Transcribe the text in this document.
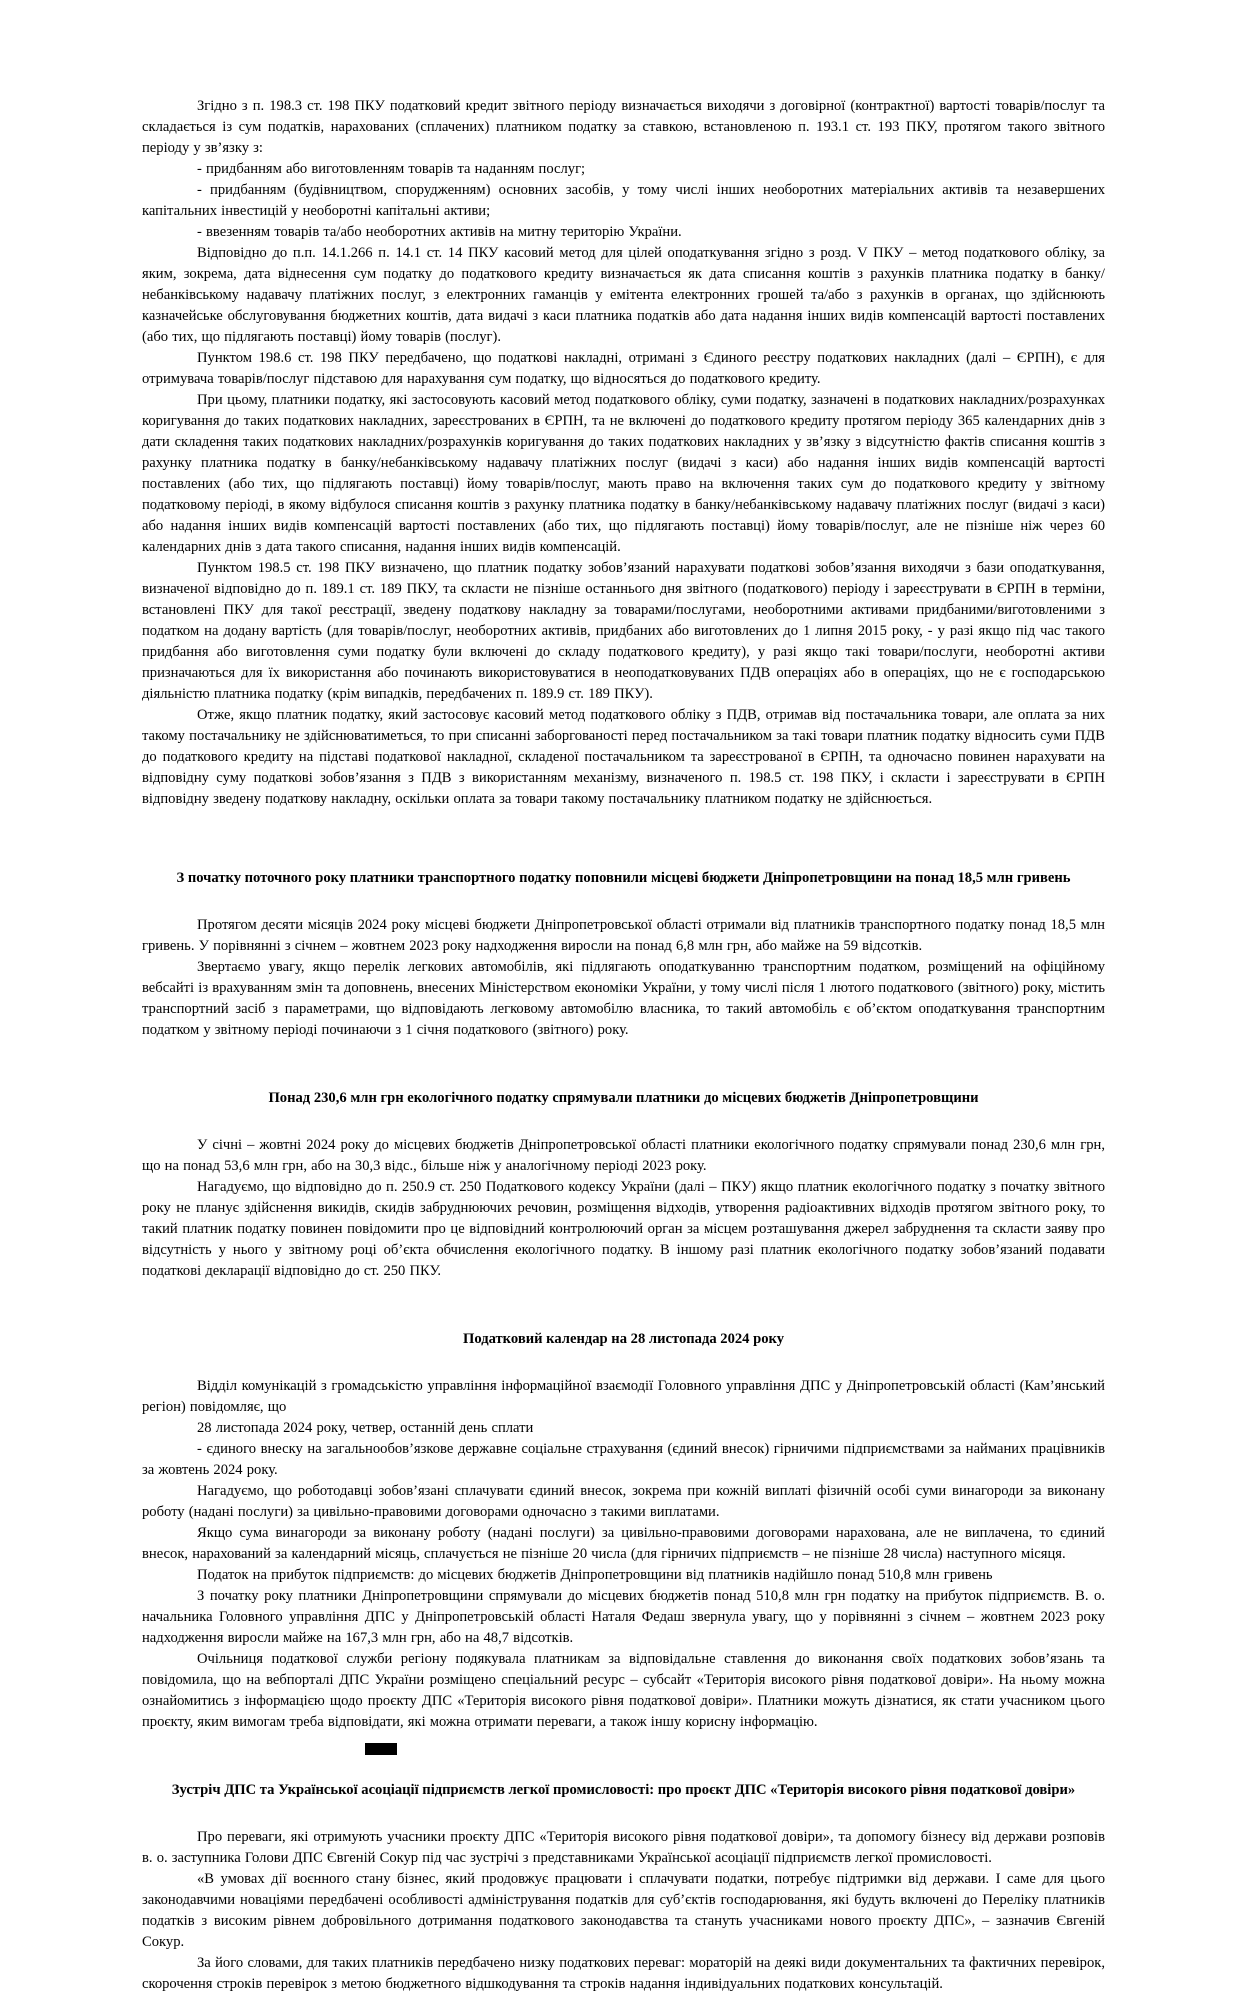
Згідно з п. 198.3 ст. 198 ПКУ податковий кредит звітного періоду визначається виходячи з договірної (контрактної) вартості товарів/послуг та складається із сум податків, нарахованих (сплачених) платником податку за ставкою, встановленою п. 193.1 ст. 193 ПКУ, протягом такого звітного періоду у зв’язку з:

- придбанням або виготовленням товарів та наданням послуг;

- придбанням (будівництвом, спорудженням) основних засобів, у тому числі інших необоротних матеріальних активів та незавершених капітальних інвестицій у необоротні капітальні активи;

- ввезенням товарів та/або необоротних активів на митну територію України.

Відповідно до п.п. 14.1.266 п. 14.1 ст. 14 ПКУ касовий метод для цілей оподаткування згідно з розд. V ПКУ – метод податкового обліку, за яким, зокрема, дата віднесення сум податку до податкового кредиту визначається як дата списання коштів з рахунків платника податку в банку/небанківському надавачу платіжних послуг, з електронних гаманців у емітента електронних грошей та/або з рахунків в органах, що здійснюють казначейське обслуговування бюджетних коштів, дата видачі з каси платника податків або дата надання інших видів компенсацій вартості поставлених (або тих, що підлягають поставці) йому товарів (послуг).

Пунктом 198.6 ст. 198 ПКУ передбачено, що податкові накладні, отримані з Єдиного реєстру податкових накладних (далі – ЄРПН), є для отримувача товарів/послуг підставою для нарахування сум податку, що відносяться до податкового кредиту.

При цьому, платники податку, які застосовують касовий метод податкового обліку, суми податку, зазначені в податкових накладних/розрахунках коригування до таких податкових накладних, зареєстрованих в ЄРПН, та не включені до податкового кредиту протягом періоду 365 календарних днів з дати складення таких податкових накладних/розрахунків коригування до таких податкових накладних у зв’язку з відсутністю фактів списання коштів з рахунку платника податку в банку/небанківському надавачу платіжних послуг (видачі з каси) або надання інших видів компенсацій вартості поставлених (або тих, що підлягають поставці) йому товарів/послуг, мають право на включення таких сум до податкового кредиту у звітному податковому періоді, в якому відбулося списання коштів з рахунку платника податку в банку/небанківському надавачу платіжних послуг (видачі з каси) або надання інших видів компенсацій вартості поставлених (або тих, що підлягають поставці) йому товарів/послуг, але не пізніше ніж через 60 календарних днів з дата такого списання, надання інших видів компенсацій.

Пунктом 198.5 ст. 198 ПКУ визначено, що платник податку зобов’язаний нарахувати податкові зобов’язання виходячи з бази оподаткування, визначеної відповідно до п. 189.1 ст. 189 ПКУ, та скласти не пізніше останнього дня звітного (податкового) періоду і зареєструвати в ЄРПН в терміни, встановлені ПКУ для такої реєстрації, зведену податкову накладну за товарами/послугами, необоротними активами придбаними/виготовленими з податком на додану вартість (для товарів/послуг, необоротних активів, придбаних або виготовлених до 1 липня 2015 року, - у разі якщо під час такого придбання або виготовлення суми податку були включені до складу податкового кредиту), у разі якщо такі товари/послуги, необоротні активи призначаються для їх використання або починають використовуватися в неоподатковуваних ПДВ операціях або в операціях, що не є господарською діяльністю платника податку (крім випадків, передбачених п. 189.9 ст. 189 ПКУ).

Отже, якщо платник податку, який застосовує касовий метод податкового обліку з ПДВ, отримав від постачальника товари, але оплата за них такому постачальнику не здійснюватиметься, то при списанні заборгованості перед постачальником за такі товари платник податку відносить суми ПДВ до податкового кредиту на підставі податкової накладної, складеної постачальником та зареєстрованої в ЄРПН, та одночасно повинен нарахувати на відповідну суму податкові зобов’язання з ПДВ з використанням механізму, визначеного п. 198.5 ст. 198 ПКУ, і скласти і зареєструвати в ЄРПН відповідну зведену податкову накладну, оскільки оплата за товари такому постачальнику платником податку не здійснюється.

З початку поточного року платники транспортного податку поповнили місцеві бюджети Дніпропетровщини на понад 18,5 млн гривень

Протягом десяти місяців 2024 року місцеві бюджети Дніпропетровської області отримали від платників транспортного податку понад 18,5 млн гривень. У порівнянні з січнем – жовтнем 2023 року надходження виросли на понад 6,8 млн грн, або майже на 59 відсотків.

Звертаємо увагу, якщо перелік легкових автомобілів, які підлягають оподаткуванню транспортним податком, розміщений на офіційному вебсайті із врахуванням змін та доповнень, внесених Міністерством економіки України, у тому числі після 1 лютого податкового (звітного) року, містить транспортний засіб з параметрами, що відповідають легковому автомобілю власника, то такий автомобіль є об’єктом оподаткування транспортним податком у звітному періоді починаючи з 1 січня податкового (звітного) року.

Понад 230,6 млн грн екологічного податку спрямували платники до місцевих бюджетів Дніпропетровщини

У січні – жовтні 2024 року до місцевих бюджетів Дніпропетровської області платники екологічного податку спрямували понад 230,6 млн грн, що на понад 53,6 млн грн, або на 30,3 відс., більше ніж у аналогічному періоді 2023 року.

Нагадуємо, що відповідно до п. 250.9 ст. 250 Податкового кодексу України (далі – ПКУ) якщо платник екологічного податку з початку звітного року не планує здійснення викидів, скидів забруднюючих речовин, розміщення відходів, утворення радіоактивних відходів протягом звітного року, то такий платник податку повинен повідомити про це відповідний контролюючий орган за місцем розташування джерел забруднення та скласти заяву про відсутність у нього у звітному році об’єкта обчислення екологічного податку. В іншому разі платник екологічного податку зобов’язаний подавати податкові декларації відповідно до ст. 250 ПКУ.

Податковий календар на 28 листопада 2024 року

Відділ комунікацій з громадськістю управління інформаційної взаємодії Головного управління ДПС у Дніпропетровській області (Кам’янський регіон) повідомляє, що

28 листопада 2024 року, четвер, останній день сплати

- єдиного внеску на загальнообов’язкове державне соціальне страхування (єдиний внесок) гірничими підприємствами за найманих працівників за жовтень 2024 року.

Нагадуємо, що роботодавці зобов’язані сплачувати єдиний внесок, зокрема при кожній виплаті фізичній особі суми винагороди за виконану роботу (надані послуги) за цивільно-правовими договорами одночасно з такими виплатами.

Якщо сума винагороди за виконану роботу (надані послуги) за цивільно-правовими договорами нарахована, але не виплачена, то єдиний внесок, нарахований за календарний місяць, сплачується не пізніше 20 числа (для гірничих підприємств – не пізніше 28 числа) наступного місяця.

Податок на прибуток підприємств: до місцевих бюджетів Дніпропетровщини від платників надійшло понад 510,8 млн гривень

З початку року платники Дніпропетровщини спрямували до місцевих бюджетів понад 510,8 млн грн податку на прибуток підприємств. В. о. начальника Головного управління ДПС у Дніпропетровській області Наталя Федаш звернула увагу, що у порівнянні з січнем – жовтнем 2023 року надходження виросли майже на 167,3 млн грн, або на 48,7 відсотків.

Очільниця податкової служби регіону подякувала платникам за відповідальне ставлення до виконання своїх податкових зобов’язань та повідомила, що на вебпорталі ДПС України розміщено спеціальний ресурс – субсайт «Територія високого рівня податкової довіри». На ньому можна ознайомитись з інформацією щодо проєкту ДПС «Територія високого рівня податкової довіри». Платники можуть дізнатися, як стати учасником цього проєкту, яким вимогам треба відповідати, які можна отримати переваги, а також іншу корисну інформацію.

Зустріч ДПС та Української асоціації підприємств легкої промисловості: про проєкт ДПС «Територія високого рівня податкової довіри»

Про переваги, які отримують учасники проєкту ДПС «Територія високого рівня податкової довіри», та допомогу бізнесу від держави розповів в. о. заступника Голови ДПС Євгеній Сокур під час зустрічі з представниками Української асоціації підприємств легкої промисловості.

«В умовах дії воєнного стану бізнес, який продовжує працювати і сплачувати податки, потребує підтримки від держави. І саме для цього законодавчими новаціями передбачені особливості адміністрування податків для суб’єктів господарювання, які будуть включені до Переліку платників податків з високим рівнем добровільного дотримання податкового законодавства та стануть учасниками нового проєкту ДПС», – зазначив Євгеній Сокур.

За його словами, для таких платників передбачено низку податкових переваг: мораторій на деякі види документальних та фактичних перевірок, скорочення строків перевірок з метою бюджетного відшкодування та строків надання індивідуальних податкових консультацій.
